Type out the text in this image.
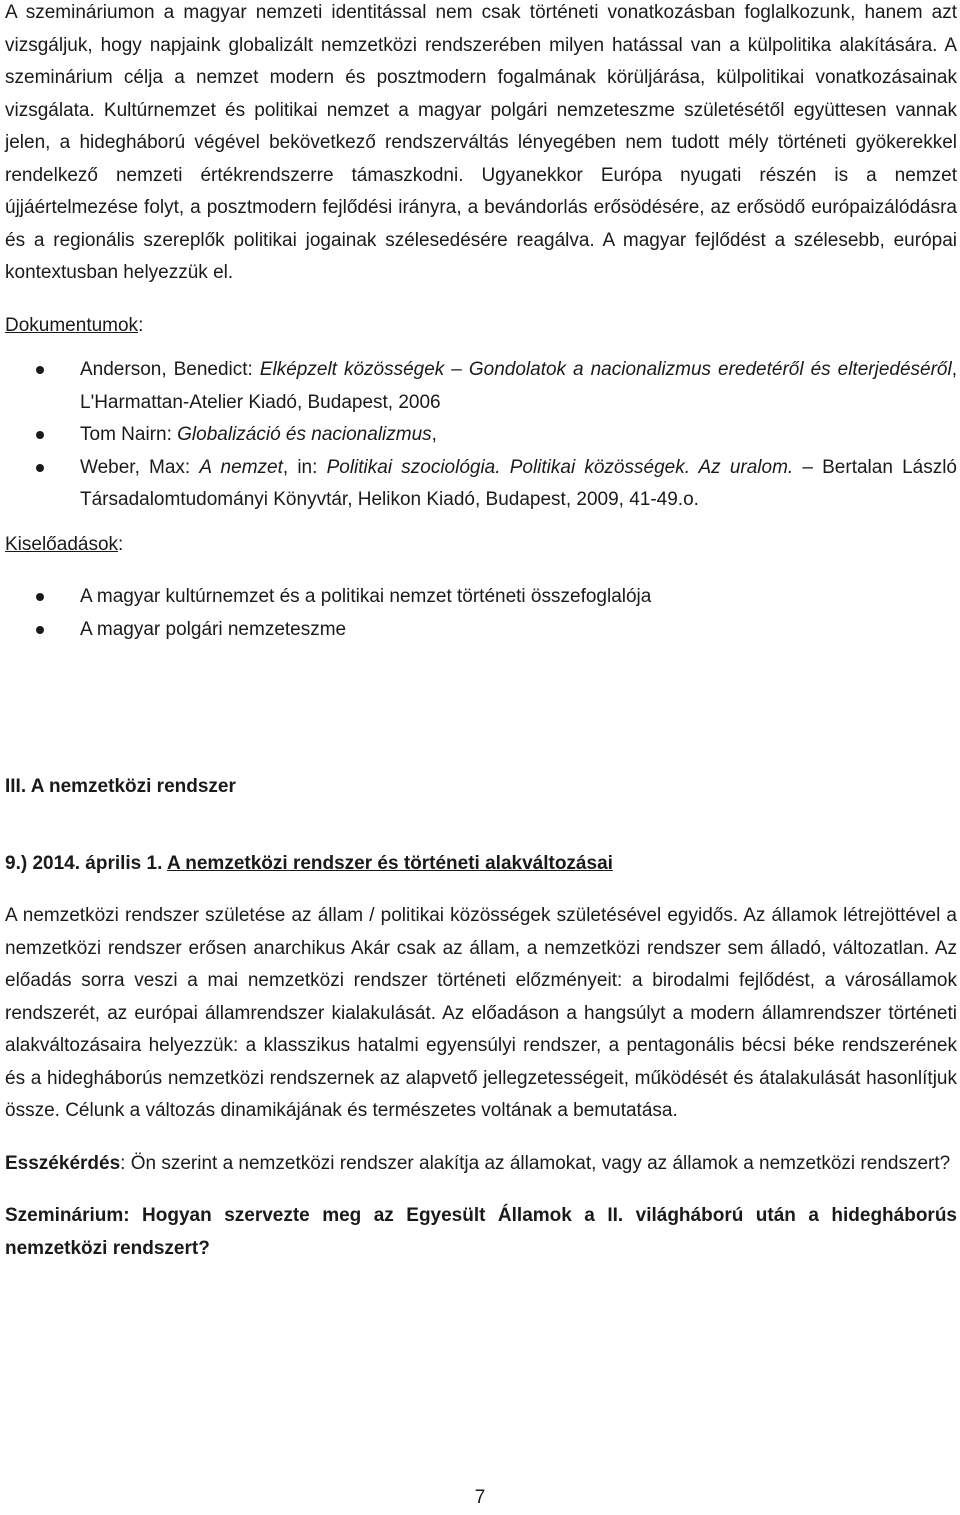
A szemináriumon a magyar nemzeti identitással nem csak történeti vonatkozásban foglalkozunk, hanem azt vizsgáljuk, hogy napjaink globalizált nemzetközi rendszerében milyen hatással van a külpolitika alakítására. A szeminárium célja a nemzet modern és posztmodern fogalmának körüljárása, külpolitikai vonatkozásainak vizsgálata. Kultúrnemzet és politikai nemzet a magyar polgári nemzeteszme születésétől együttesen vannak jelen, a hidegháború végével bekövetkező rendszerváltás lényegében nem tudott mély történeti gyökerekkel rendelkező nemzeti értékrendszerre támaszkodni. Ugyanekkor Európa nyugati részén is a nemzet újjáértelmezése folyt, a posztmodern fejlődési irányra, a bevándorlás erősödésére, az erősödő európaizálódásra és a regionális szereplők politikai jogainak szélesedésére reagálva. A magyar fejlődést a szélesebb, európai kontextusban helyezzük el.

Dokumentumok:

Anderson, Benedict: Elképzelt közösségek – Gondolatok a nacionalizmus eredetéről és elterjedéséről, L'Harmattan-Atelier Kiadó, Budapest, 2006
Tom Nairn: Globalizáció és nacionalizmus,
Weber, Max: A nemzet, in: Politikai szociológia. Politikai közösségek. Az uralom. – Bertalan László Társadalomtudományi Könyvtár, Helikon Kiadó, Budapest, 2009, 41-49.o.

Kiselőadások:

A magyar kultúrnemzet és a politikai nemzet történeti összefoglalója
A magyar polgári nemzeteszme

III. A nemzetközi rendszer

9.) 2014. április 1. A nemzetközi rendszer és történeti alakváltozásai

A nemzetközi rendszer születése az állam / politikai közösségek születésével egyidős. Az államok létrejöttével a nemzetközi rendszer erősen anarchikus Akár csak az állam, a nemzetközi rendszer sem álladó, változatlan. Az előadás sorra veszi a mai nemzetközi rendszer történeti előzményeit: a birodalmi fejlődést, a városállamok rendszerét, az európai államrendszer kialakulását. Az előadáson a hangsúlyt a modern államrendszer történeti alakváltozásaira helyezzük: a klasszikus hatalmi egyensúlyi rendszer, a pentagonális bécsi béke rendszerének és a hidegháborús nemzetközi rendszernek az alapvető jellegzetességeit, működését és átalakulását hasonlítjuk össze. Célunk a változás dinamikájának és természetes voltának a bemutatása.

Esszékérdés: Ön szerint a nemzetközi rendszer alakítja az államokat, vagy az államok a nemzetközi rendszert?

Szeminárium: Hogyan szervezte meg az Egyesült Államok a II. világháború után a hidegháborús nemzetközi rendszert?

7
